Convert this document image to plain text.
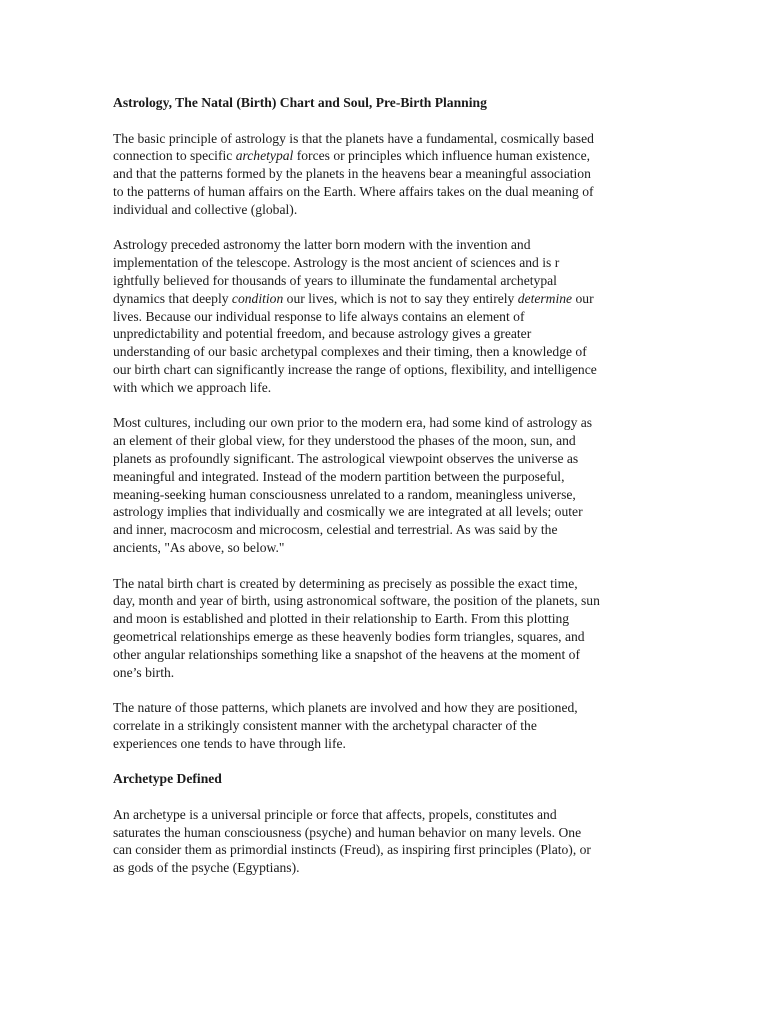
Astrology, The Natal (Birth) Chart and Soul, Pre-Birth Planning

The basic principle of astrology is that the planets have a fundamental, cosmically based
connection to specific archetypal forces or principles which influence human existence,
and that the patterns formed by the planets in the heavens bear a meaningful association
to the patterns of human affairs on the Earth. Where affairs takes on the dual meaning of
individual and collective (global).

Astrology preceded astronomy the latter born modern with the invention and
implementation of the telescope. Astrology is the most ancient of sciences and is r
ightfully believed for thousands of years to illuminate the fundamental archetypal
dynamics that deeply condition our lives, which is not to say they entirely determine our
lives. Because our individual response to life always contains an element of
unpredictability and potential freedom, and because astrology gives a greater
understanding of our basic archetypal complexes and their timing, then a knowledge of
our birth chart can significantly increase the range of options, flexibility, and intelligence
with which we approach life.

Most cultures, including our own prior to the modern era, had some kind of astrology as
an element of their global view, for they understood the phases of the moon, sun, and
planets as profoundly significant. The astrological viewpoint observes the universe as
meaningful and integrated. Instead of the modern partition between the purposeful,
meaning-seeking human consciousness unrelated to a random, meaningless universe,
astrology implies that individually and cosmically we are integrated at all levels; outer
and inner, macrocosm and microcosm, celestial and terrestrial. As was said by the
ancients, "As above, so below."

The natal birth chart is created by determining as precisely as possible the exact time,
day, month and year of birth, using astronomical software, the position of the planets, sun
and moon is established and plotted in their relationship to Earth. From this plotting
geometrical relationships emerge as these heavenly bodies form triangles, squares, and
other angular relationships something like a snapshot of the heavens at the moment of
one’s birth.

The nature of those patterns, which planets are involved and how they are positioned,
correlate in a strikingly consistent manner with the archetypal character of the
experiences one tends to have through life.

Archetype Defined

An archetype is a universal principle or force that affects, propels, constitutes and
saturates the human consciousness (psyche) and human behavior on many levels. One
can consider them as primordial instincts (Freud), as inspiring first principles (Plato), or
as gods of the psyche (Egyptians).
